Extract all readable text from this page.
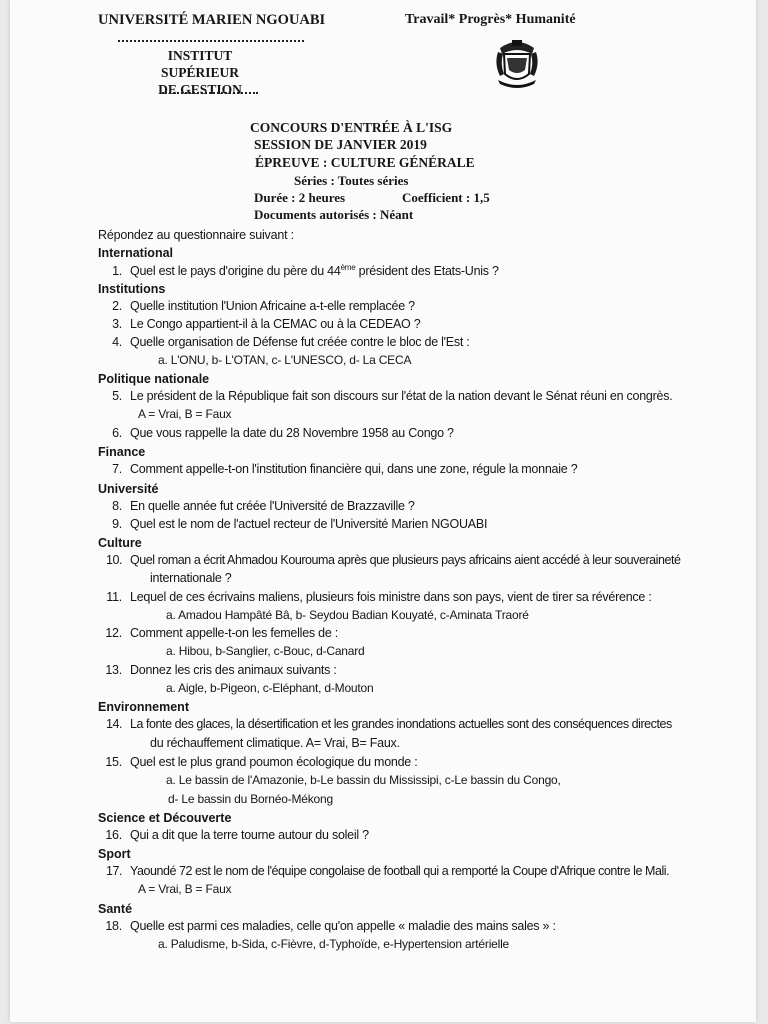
UNIVERSITÉ MARIEN NGOUABI	Travail* Progrès* Humanité
INSTITUT SUPÉRIEUR
DE GESTION
CONCOURS D'ENTRÉE À L'ISG
SESSION DE JANVIER 2019
ÉPREUVE : CULTURE GÉNÉRALE
Séries : Toutes séries
Durée : 2 heures	Coefficient : 1,5
Documents autorisés : Néant
Répondez au questionnaire suivant :
International
1. Quel est le pays d'origine du père du 44ème président des Etats-Unis ?
Institutions
2. Quelle institution l'Union Africaine a-t-elle remplacée ?
3. Le Congo appartient-il à la CEMAC ou à la CEDEAO ?
4. Quelle organisation de Défense fut créée contre le bloc de l'Est :
a. L'ONU, b- L'OTAN, c- L'UNESCO, d- La CECA
Politique nationale
5. Le président de la République fait son discours sur l'état de la nation devant le Sénat réuni en congrès.
A = Vrai, B = Faux
6. Que vous rappelle la date du 28 Novembre 1958 au Congo ?
Finance
7. Comment appelle-t-on l'institution financière qui, dans une zone, régule la monnaie ?
Université
8. En quelle année fut créée l'Université de Brazzaville ?
9. Quel est le nom de l'actuel recteur de l'Université Marien NGOUABI
Culture
10. Quel roman a écrit Ahmadou Kourouma après que plusieurs pays africains aient accédé à leur souveraineté
internationale ?
11. Lequel de ces écrivains maliens, plusieurs fois ministre dans son pays, vient de tirer sa révérence :
a. Amadou Hampâté Bâ, b- Seydou Badian Kouyaté, c-Aminata Traoré
12. Comment appelle-t-on les femelles de :
a. Hibou, b-Sanglier, c-Bouc, d-Canard
13. Donnez les cris des animaux suivants :
a. Aigle, b-Pigeon, c-Eléphant, d-Mouton
Environnement
14. La fonte des glaces, la désertification et les grandes inondations actuelles sont des conséquences directes
du réchauffement climatique. A= Vrai, B= Faux.
15. Quel est le plus grand poumon écologique du monde :
a. Le bassin de l'Amazonie, b-Le bassin du Mississipi, c-Le bassin du Congo,
d- Le bassin du Bornéo-Mékong
Science et Découverte
16. Qui a dit que la terre tourne autour du soleil ?
Sport
17. Yaoundé 72 est le nom de l'équipe congolaise de football qui a remporté la Coupe d'Afrique contre le Mali.
A = Vrai, B = Faux
Santé
18. Quelle est parmi ces maladies, celle qu'on appelle « maladie des mains sales » :
a. Paludisme, b-Sida, c-Fièvre, d-Typhoïde, e-Hypertension artérielle
